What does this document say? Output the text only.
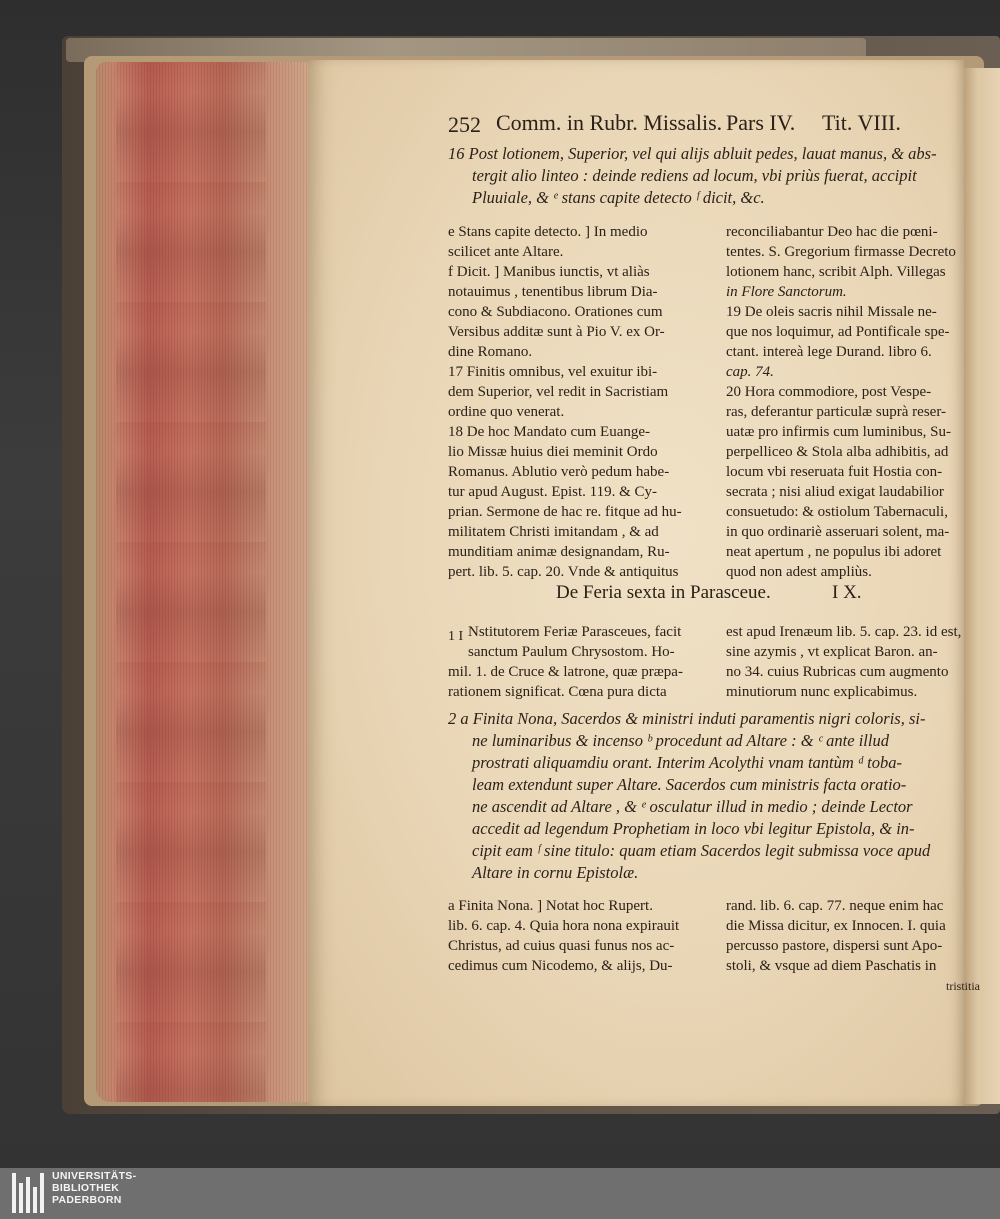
252 Comm. in Rubr. Missalis. Pars IV. Tit. VIII.
16 Post lotionem, Superior, vel qui alijs abluit pedes, lauat manus, & abs-
tergit alio linteo : deinde rediens ad locum, vbi priùs fuerat, accipit
Pluuiale, & ᵉ stans capite detecto ᶠ dicit, &c.
e Stans capite detecto. ] In medio
scilicet ante Altare.
f Dicit. ] Manibus iunctis, vt aliàs
notauimus , tenentibus librum Dia-
cono & Subdiacono. Orationes cum
Versibus additæ sunt à Pio V. ex Or-
dine Romano.
17 Finitis omnibus, vel exuitur ibi-
dem Superior, vel redit in Sacristiam
ordine quo venerat.
18 De hoc Mandato cum Euange-
lio Missæ huius diei meminit Ordo
Romanus. Ablutio verò pedum habe-
tur apud August. Epist. 119. & Cy-
prian. Sermone de hac re. fitque ad hu-
militatem Christi imitandam , & ad
munditiam animæ designandam, Ru-
pert. lib. 5. cap. 20. Vnde & antiquitus
reconciliabantur Deo hac die pœni-
tentes. S. Gregorium firmasse Decreto
lotionem hanc, scribit Alph. Villegas
in Flore Sanctorum.
19 De oleis sacris nihil Missale ne-
que nos loquimur, ad Pontificale spe-
ctant. intereà lege Durand. libro 6.
cap. 74.
20 Hora commodiore, post Vespe-
ras, deferantur particulæ suprà reser-
uatæ pro infirmis cum luminibus, Su-
perpelliceo & Stola alba adhibitis, ad
locum vbi reseruata fuit Hostia con-
secrata ; nisi aliud exigat laudabilior
consuetudo: & ostiolum Tabernaculi,
in quo ordinariè asseruari solent, ma-
neat apertum , ne populus ibi adoret
quod non adest ampliùs.
De Feria sexta in Parasceue.	I X.
1 I Nstitutorem Feriæ Parasceues, facit
sanctum Paulum Chrysostom. Ho-
mil. 1. de Cruce & latrone, quæ præpa-
rationem significat. Cœna pura dicta
est apud Irenæum lib. 5. cap. 23. id est,
sine azymis , vt explicat Baron. an-
no 34. cuius Rubricas cum augmento
minutiorum nunc explicabimus.
2 a Finita Nona, Sacerdos & ministri induti paramentis nigri coloris, si-
ne luminaribus & incenso ᵇ procedunt ad Altare : & ᶜ ante illud
prostrati aliquamdiu orant. Interim Acolythi vnam tantùm ᵈ toba-
leam extendunt super Altare. Sacerdos cum ministris facta oratio-
ne ascendit ad Altare , & ᵉ osculatur illud in medio ; deinde Lector
accedit ad legendum Prophetiam in loco vbi legitur Epistola, & in-
cipit eam ᶠ sine titulo: quam etiam Sacerdos legit submissa voce apud
Altare in cornu Epistolæ.
a Finita Nona. ] Notat hoc Rupert.
lib. 6. cap. 4. Quia hora nona expirauit
Christus, ad cuius quasi funus nos ac-
cedimus cum Nicodemo, & alijs, Du-
rand. lib. 6. cap. 77. neque enim hac
die Missa dicitur, ex Innocen. I. quia
percusso pastore, dispersi sunt Apo-
stoli, & vsque ad diem Paschatis in
tristitia
UNIVERSITÄTS-
BIBLIOTHEK
PADERBORN
